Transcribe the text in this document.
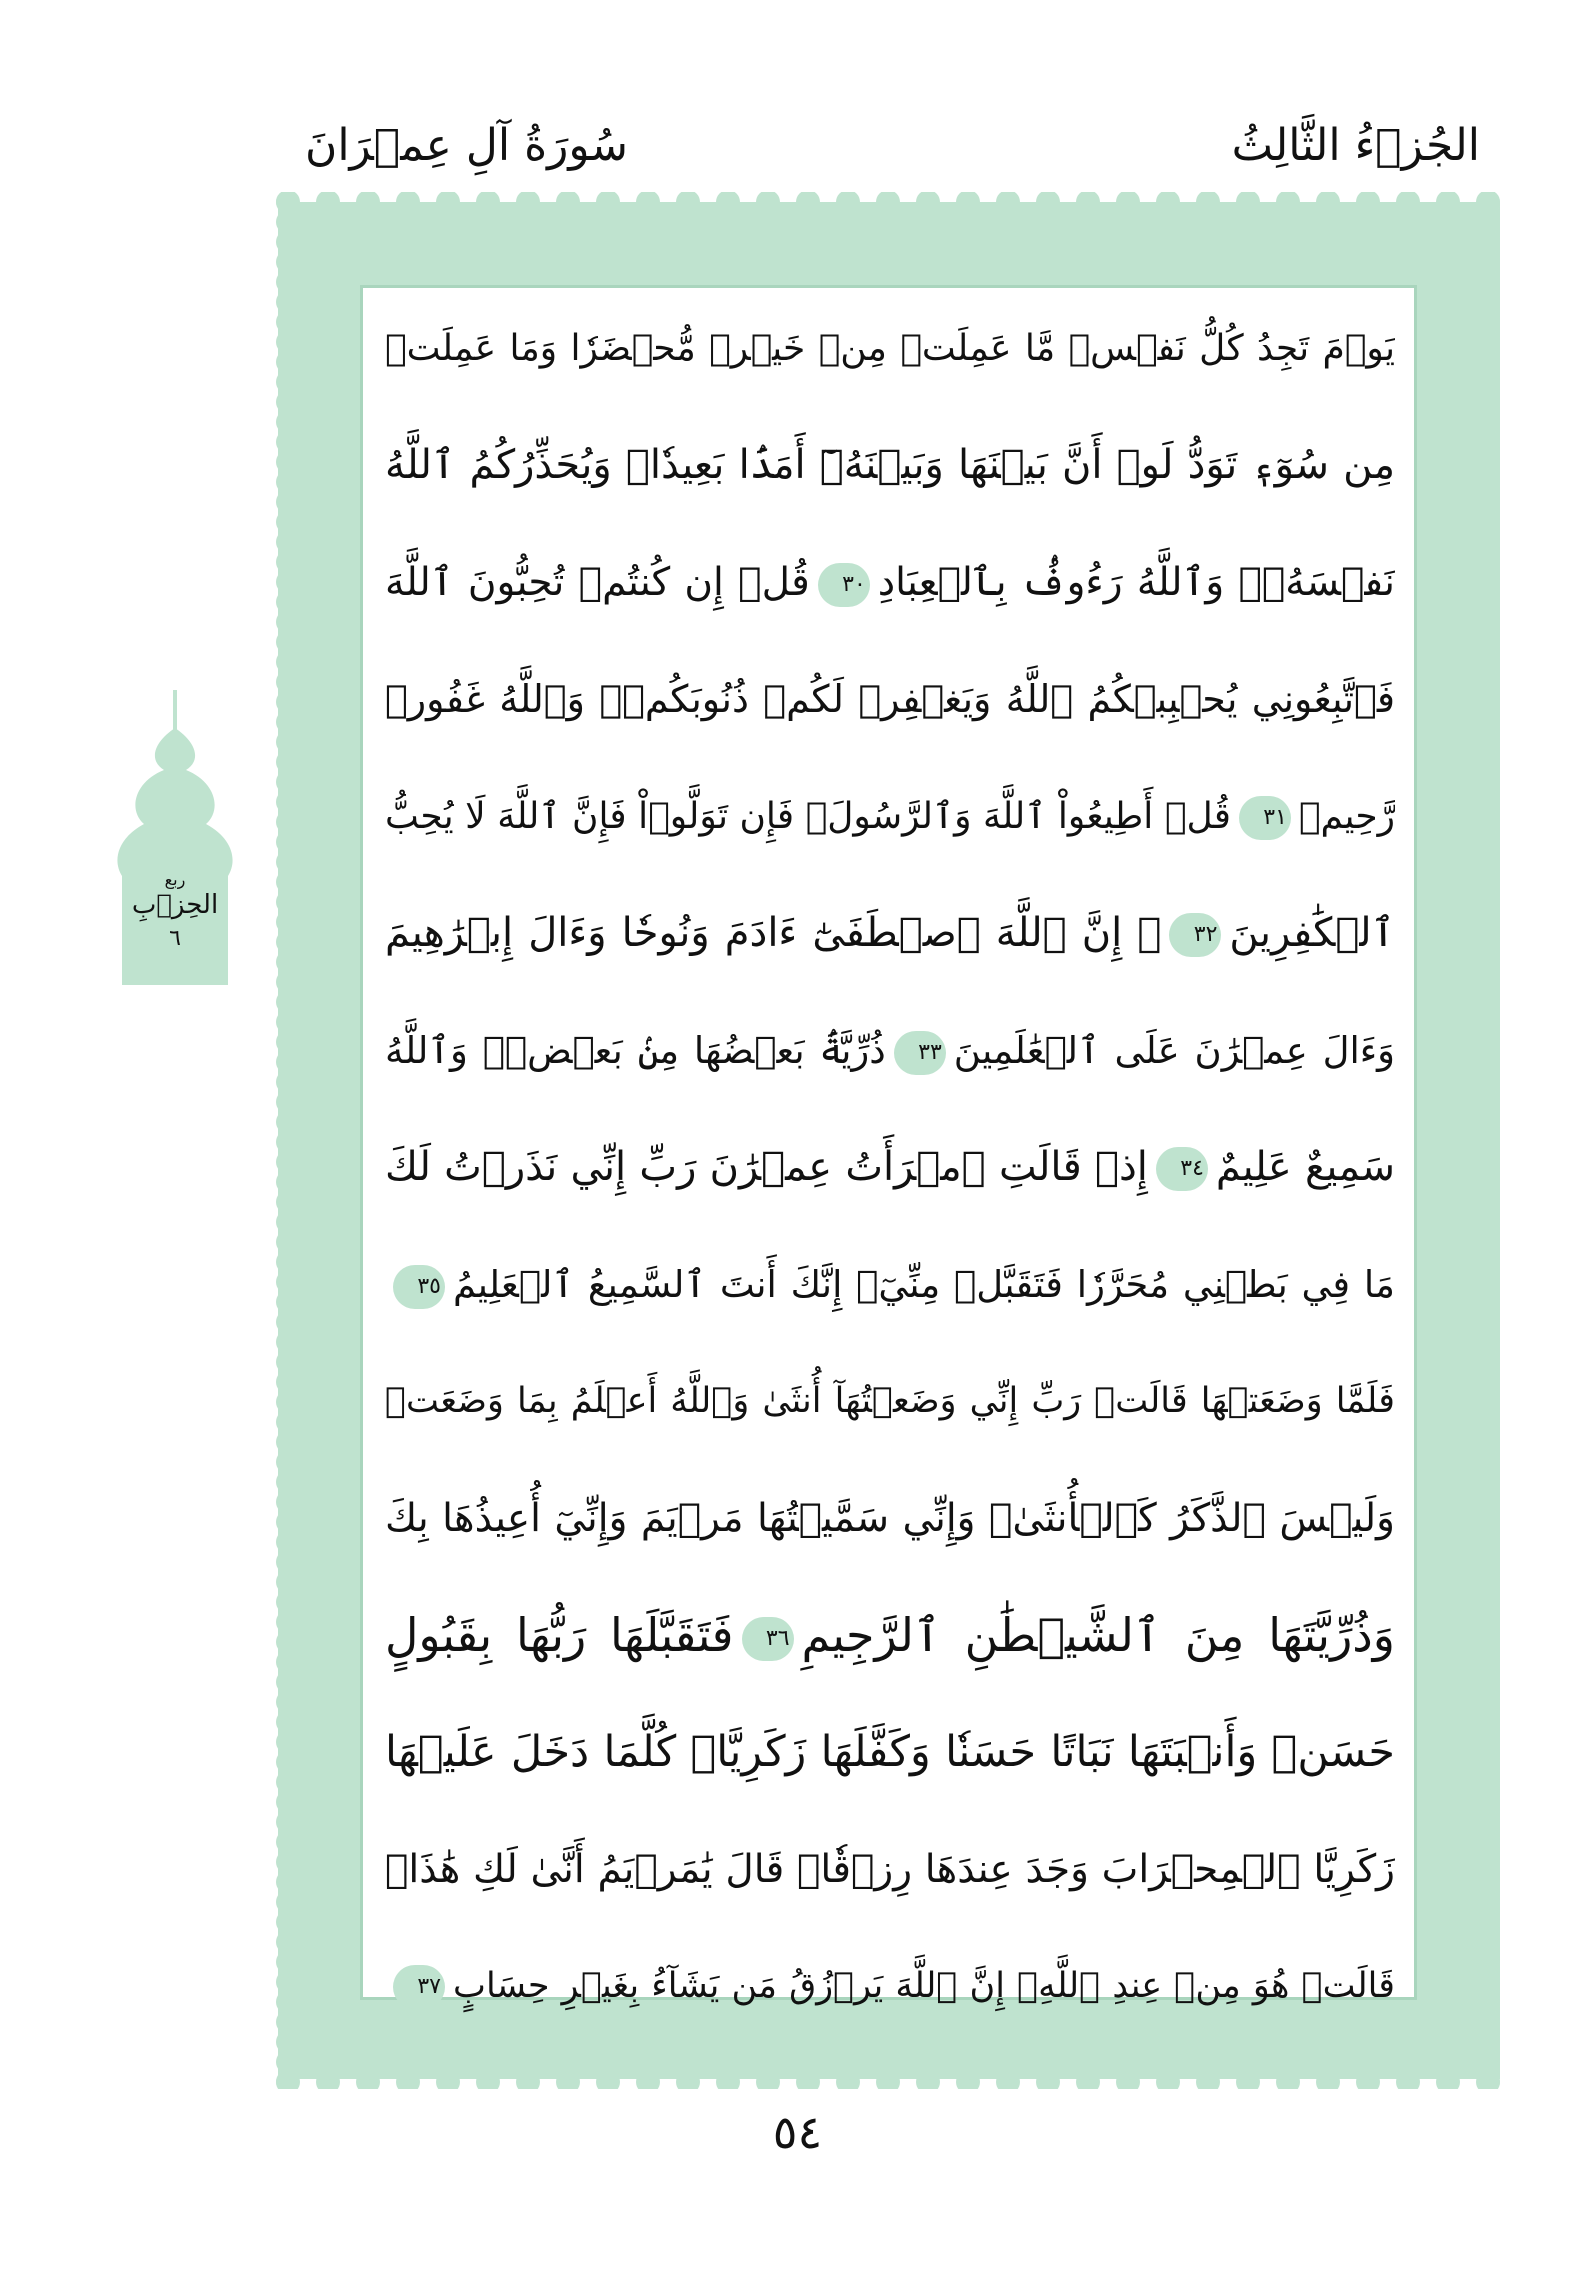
الجُزۡءُ الثَّالِثُ
سُورَةُ آلِ عِمۡرَانَ
يَوۡمَ تَجِدُ كُلُّ نَفۡسٖ مَّا عَمِلَتۡ مِنۡ خَيۡرٖ مُّحۡضَرٗا وَمَا عَمِلَتۡ
مِن سُوٓءٖ تَوَدُّ لَوۡ أَنَّ بَيۡنَهَا وَبَيۡنَهُۥٓ أَمَدَۢا بَعِيدٗاۗ وَيُحَذِّرُكُمُ ٱللَّهُ
نَفۡسَهُۥۗ وَٱللَّهُ رَءُوفُۢ بِٱلۡعِبَادِ٣٠قُلۡ إِن كُنتُمۡ تُحِبُّونَ ٱللَّهَ
فَٱتَّبِعُونِي يُحۡبِبۡكُمُ ٱللَّهُ وَيَغۡفِرۡ لَكُمۡ ذُنُوبَكُمۡۚ وَٱللَّهُ غَفُورٞ
رَّحِيمٞ٣١قُلۡ أَطِيعُواْ ٱللَّهَ وَٱلرَّسُولَۖ فَإِن تَوَلَّوۡاْ فَإِنَّ ٱللَّهَ لَا يُحِبُّ
ٱلۡكَٰفِرِينَ٣٢۞ إِنَّ ٱللَّهَ ٱصۡطَفَىٰٓ ءَادَمَ وَنُوحٗا وَءَالَ إِبۡرَٰهِيمَ
وَءَالَ عِمۡرَٰنَ عَلَى ٱلۡعَٰلَمِينَ٣٣ذُرِّيَّةَۢ بَعۡضُهَا مِنۢ بَعۡضٖۗ وَٱللَّهُ
سَمِيعٌ عَلِيمٌ٣٤إِذۡ قَالَتِ ٱمۡرَأَتُ عِمۡرَٰنَ رَبِّ إِنِّي نَذَرۡتُ لَكَ
مَا فِي بَطۡنِي مُحَرَّرٗا فَتَقَبَّلۡ مِنِّيٓۖ إِنَّكَ أَنتَ ٱلسَّمِيعُ ٱلۡعَلِيمُ٣٥
فَلَمَّا وَضَعَتۡهَا قَالَتۡ رَبِّ إِنِّي وَضَعۡتُهَآ أُنثَىٰ وَٱللَّهُ أَعۡلَمُ بِمَا وَضَعَتۡ
وَلَيۡسَ ٱلذَّكَرُ كَٱلۡأُنثَىٰۖ وَإِنِّي سَمَّيۡتُهَا مَرۡيَمَ وَإِنِّيٓ أُعِيذُهَا بِكَ
وَذُرِّيَّتَهَا مِنَ ٱلشَّيۡطَٰنِ ٱلرَّجِيمِ٣٦فَتَقَبَّلَهَا رَبُّهَا بِقَبُولٍ
حَسَنٖ وَأَنۢبَتَهَا نَبَاتًا حَسَنٗا وَكَفَّلَهَا زَكَرِيَّاۖ كُلَّمَا دَخَلَ عَلَيۡهَا
زَكَرِيَّا ٱلۡمِحۡرَابَ وَجَدَ عِندَهَا رِزۡقٗاۖ قَالَ يَٰمَرۡيَمُ أَنَّىٰ لَكِ هَٰذَاۖ
قَالَتۡ هُوَ مِنۡ عِندِ ٱللَّهِۖ إِنَّ ٱللَّهَ يَرۡزُقُ مَن يَشَآءُ بِغَيۡرِ حِسَابٍ٣٧
ربع
الحِزۡبِ
٦
٥٤
